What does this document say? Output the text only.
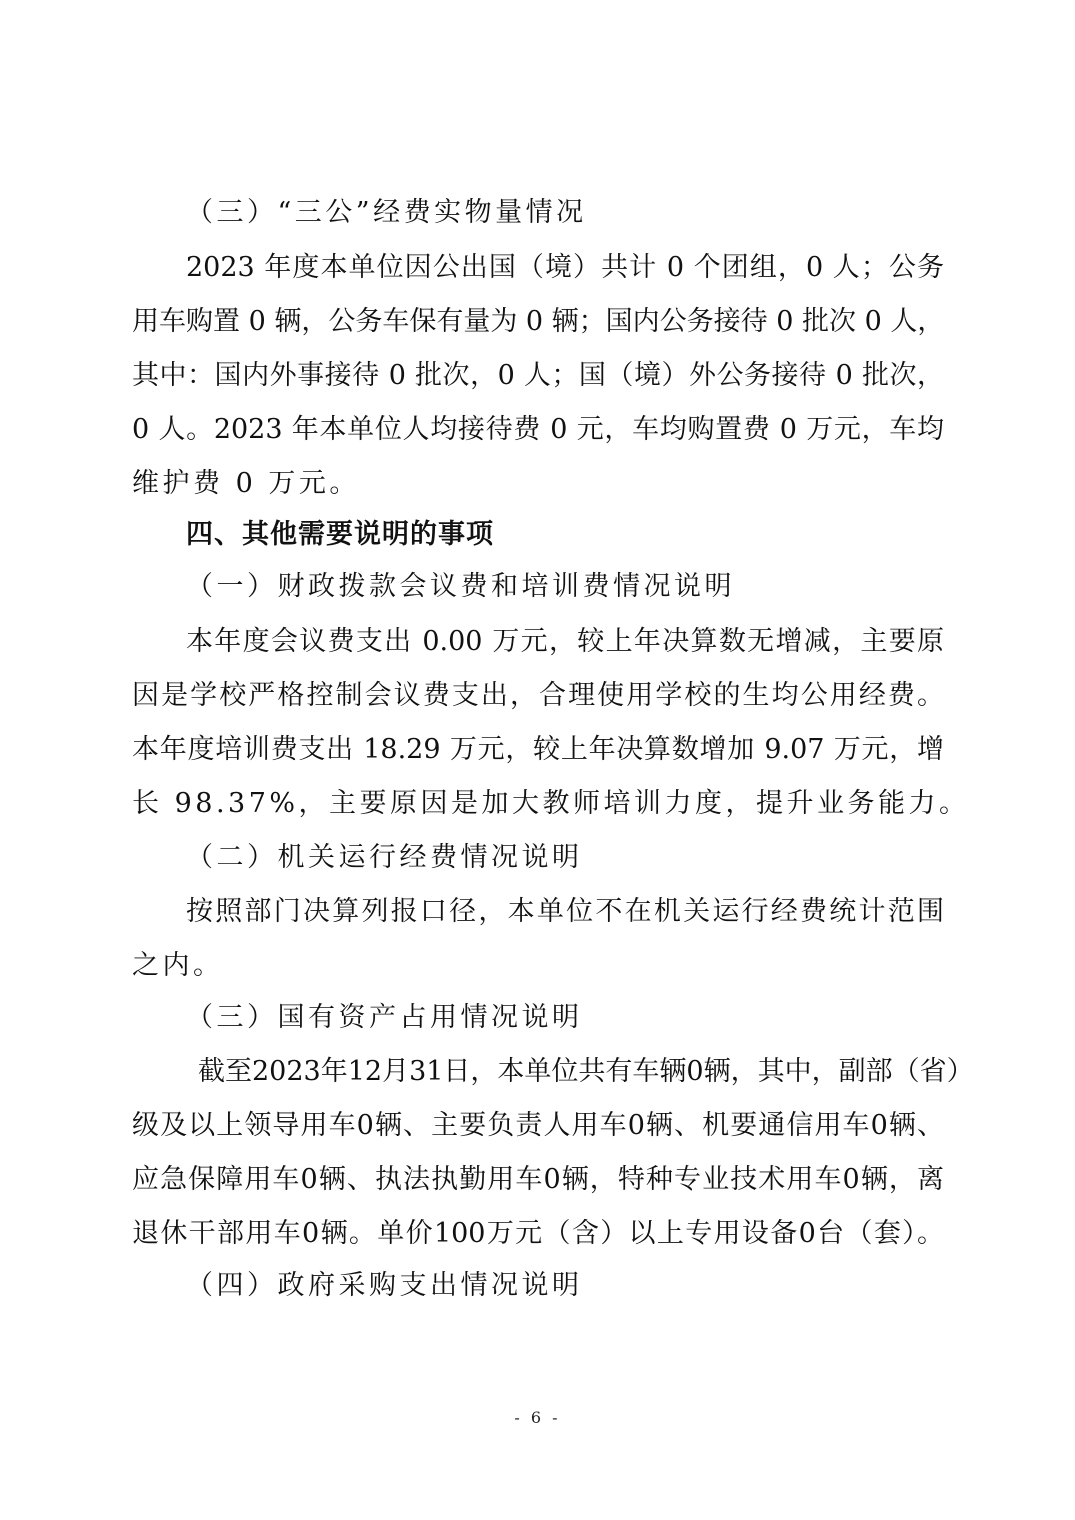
（三）“三公”经费实物量情况
2023 年度本单位因公出国（境）共计 0 个团组，0 人；公务
用车购置 0 辆，公务车保有量为 0 辆；国内公务接待 0 批次 0 人，
其中：国内外事接待 0 批次，0 人；国（境）外公务接待 0 批次，
0 人。2023 年本单位人均接待费 0 元，车均购置费 0 万元，车均
维护费 0 万元。
四、其他需要说明的事项
（一）财政拨款会议费和培训费情况说明
本年度会议费支出 0.00 万元，较上年决算数无增减，主要原
因是学校严格控制会议费支出，合理使用学校的生均公用经费。
本年度培训费支出 18.29 万元，较上年决算数增加 9.07 万元，增
长 98.37%，主要原因是加大教师培训力度，提升业务能力。
（二）机关运行经费情况说明
按照部门决算列报口径，本单位不在机关运行经费统计范围
之内。
（三）国有资产占用情况说明
截至2023年12月31日，本单位共有车辆0辆，其中，副部（省）
级及以上领导用车0辆、主要负责人用车0辆、机要通信用车0辆、
应急保障用车0辆、执法执勤用车0辆，特种专业技术用车0辆，离
退休干部用车0辆。单价100万元（含）以上专用设备0台（套）。
（四）政府采购支出情况说明
- 6 -
